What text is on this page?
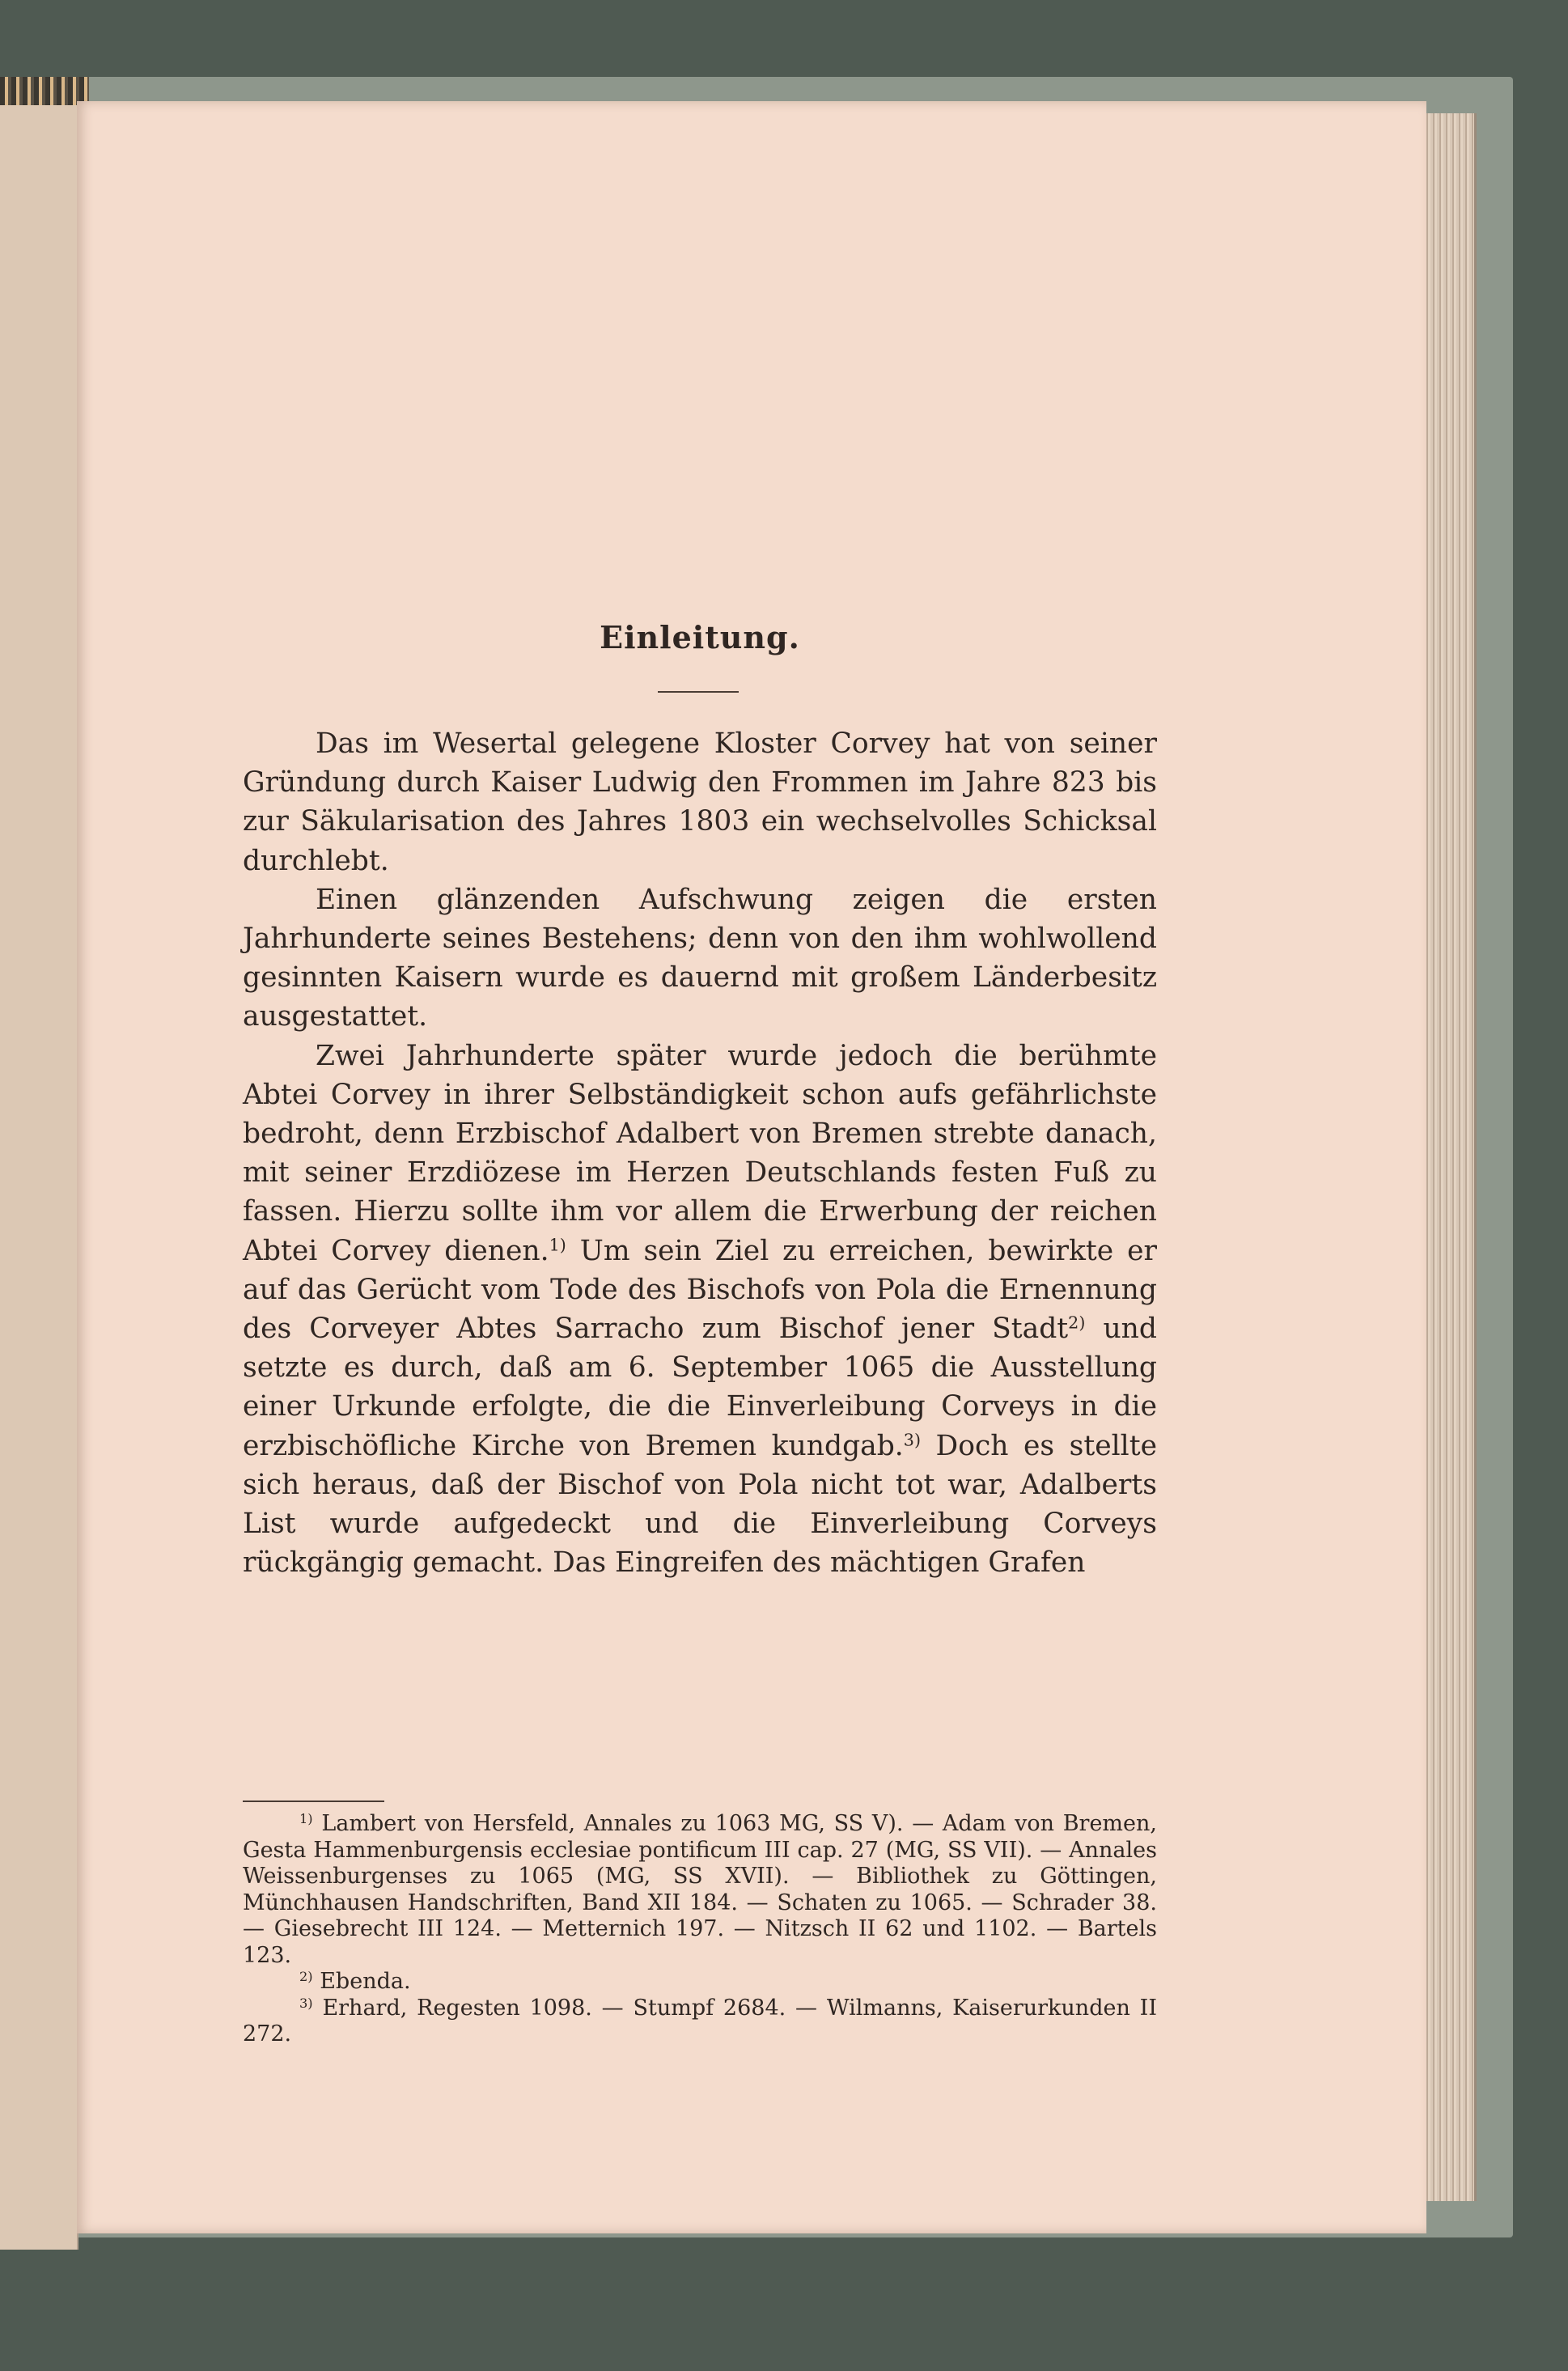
Einleitung.

Das im Wesertal gelegene Kloster Corvey hat von seiner Gründung durch Kaiser Ludwig den Frommen im Jahre 823 bis zur Säkularisation des Jahres 1803 ein wechselvolles Schicksal durchlebt.

Einen glänzenden Aufschwung zeigen die ersten Jahrhunderte seines Bestehens; denn von den ihm wohlwollend gesinnten Kaisern wurde es dauernd mit großem Länderbesitz ausgestattet.

Zwei Jahrhunderte später wurde jedoch die berühmte Abtei Corvey in ihrer Selbständigkeit schon aufs gefährlichste bedroht, denn Erzbischof Adalbert von Bremen strebte danach, mit seiner Erzdiözese im Herzen Deutschlands festen Fuß zu fassen. Hierzu sollte ihm vor allem die Erwerbung der reichen Abtei Corvey dienen.$^{1)}$ Um sein Ziel zu erreichen, bewirkte er auf das Gerücht vom Tode des Bischofs von Pola die Ernennung des Corveyer Abtes Sarracho zum Bischof jener Stadt$^{2)}$ und setzte es durch, daß am 6. September 1065 die Ausstellung einer Urkunde erfolgte, die die Einverleibung Corveys in die erzbischöfliche Kirche von Bremen kundgab.$^{3)}$ Doch es stellte sich heraus, daß der Bischof von Pola nicht tot war, Adalberts List wurde aufgedeckt und die Einverleibung Corveys rückgängig gemacht. Das Eingreifen des mächtigen Grafen

$^{1)}$ Lambert von Hersfeld, Annales zu 1063 MG, SS V). — Adam von Bremen, Gesta Hammenburgensis ecclesiae pontificum III cap. 27 (MG, SS VII). — Annales Weissenburgenses zu 1065 (MG, SS XVII). — Bibliothek zu Göttingen, Münchhausen Handschriften, Band XII 184. — Schaten zu 1065. — Schrader 38. — Giesebrecht III 124. — Metternich 197. — Nitzsch II 62 und 1102. — Bartels 123.

$^{2)}$ Ebenda.

$^{3)}$ Erhard, Regesten 1098. — Stumpf 2684. — Wilmanns, Kaiserurkunden II 272.
